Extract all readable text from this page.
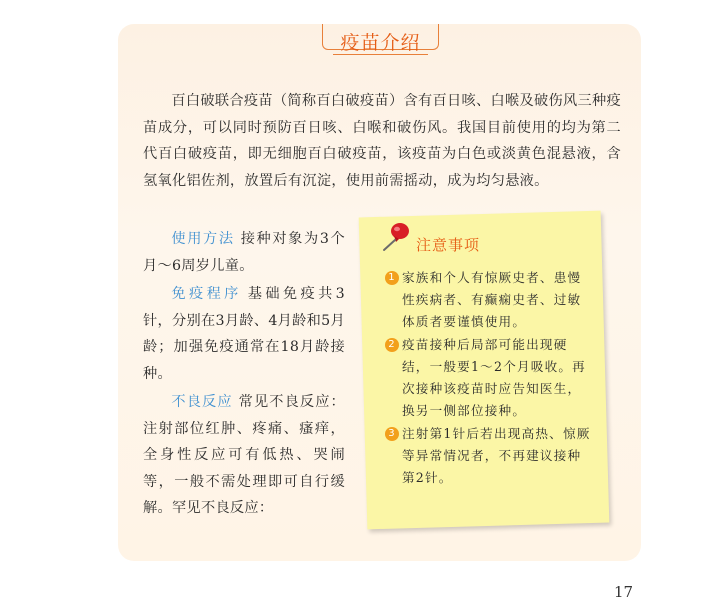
疫苗介绍
百白破联合疫苗（简称百白破疫苗）含有百日咳、白喉及破伤风三种疫苗成分，可以同时预防百日咳、白喉和破伤风。我国目前使用的均为第二代百白破疫苗，即无细胞百白破疫苗，该疫苗为白色或淡黄色混悬液，含氢氧化铝佐剂，放置后有沉淀，使用前需摇动，成为均匀悬液。

使用方法 接种对象为3个月～6周岁儿童。

免疫程序 基础免疫共3针，分别在3月龄、4月龄和5月龄；加强免疫通常在18月龄接种。

不良反应 常见不良反应：注射部位红肿、疼痛、瘙痒，全身性反应可有低热、哭闹等，一般不需处理即可自行缓解。罕见不良反应：

注意事项
1 家族和个人有惊厥史者、患慢性疾病者、有癫痫史者、过敏体质者要谨慎使用。
2 疫苗接种后局部可能出现硬结，一般要1～2个月吸收。再次接种该疫苗时应告知医生，换另一侧部位接种。
3 注射第1针后若出现高热、惊厥等异常情况者，不再建议接种第2针。
17
